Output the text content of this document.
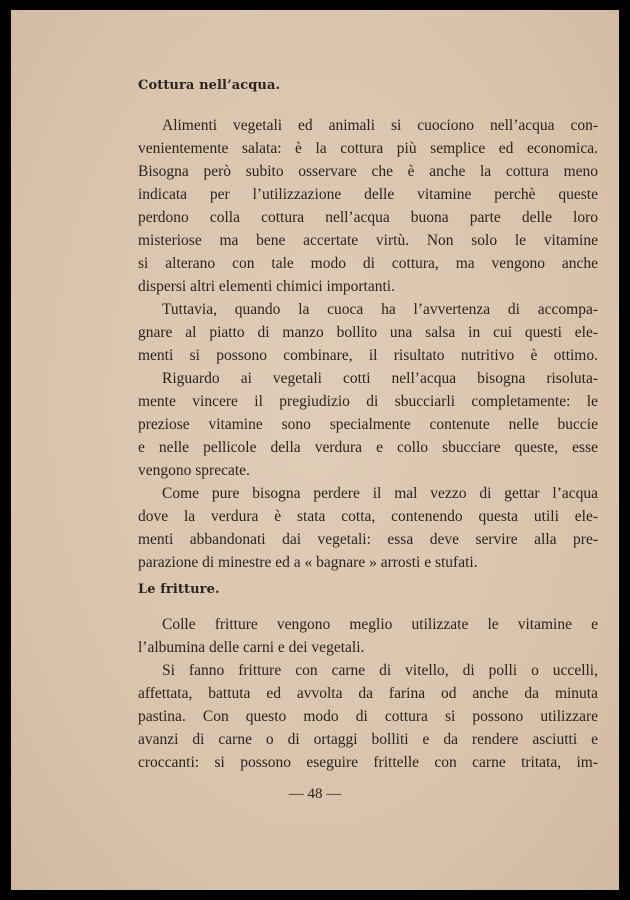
Cottura nell’acqua.
Alimenti vegetali ed animali si cuociono nell’acqua con-
venientemente salata: è la cottura più semplice ed economica.
Bisogna però subito osservare che è anche la cottura meno
indicata per l’utilizzazione delle vitamine perchè queste
perdono colla cottura nell’acqua buona parte delle loro
misteriose ma bene accertate virtù. Non solo le vitamine
si alterano con tale modo di cottura, ma vengono anche
dispersi altri elementi chimici importanti.
Tuttavia, quando la cuoca ha l’avvertenza di accompa-
gnare al piatto di manzo bollito una salsa in cui questi ele-
menti si possono combinare, il risultato nutritivo è ottimo.
Riguardo ai vegetali cotti nell’acqua bisogna risoluta-
mente vincere il pregiudizio di sbucciarli completamente: le
preziose vitamine sono specialmente contenute nelle buccie
e nelle pellicole della verdura e collo sbucciare queste, esse
vengono sprecate.
Come pure bisogna perdere il mal vezzo di gettar l’acqua
dove la verdura è stata cotta, contenendo questa utili ele-
menti abbandonati dai vegetali: essa deve servire alla pre-
parazione di minestre ed a « bagnare » arrosti e stufati.
Le fritture.
Colle fritture vengono meglio utilizzate le vitamine e
l’albumina delle carni e dei vegetali.
Si fanno fritture con carne di vitello, di polli o uccelli,
affettata, battuta ed avvolta da farina od anche da minuta
pastina. Con questo modo di cottura si possono utilizzare
avanzi di carne o di ortaggi bolliti e da rendere asciutti e
croccanti: si possono eseguire frittelle con carne tritata, im-
— 48 —
